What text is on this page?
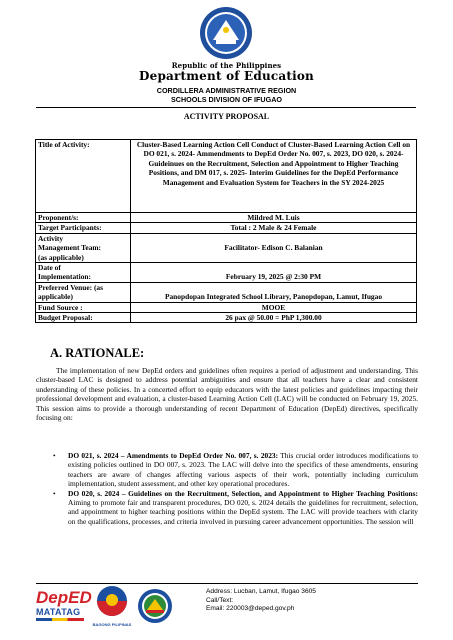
Republic of the Philippines
Department of Education
CORDILLERA ADMINISTRATIVE REGION
SCHOOLS DIVISION OF IFUGAO
ACTIVITY PROPOSAL
Title of Activity:	Cluster-Based Learning Action Cell Conduct of Cluster-Based Learning Action Cell on DO 021, s. 2024- Ammendments to DepEd Order No. 007, s. 2023, DO 020, s. 2024- Guideinues on the Recruitment, Selection and Appointment to Higher Teaching Positions, and DM 017, s. 2025- Interim Guidelines for the DepEd Performance Management and Evaluation System for Teachers in the SY 2024-2025
Proponent/s:	Mildred M. Luis
Target Participants:	Total : 2 Male & 24 Female

Activity
Management Team:
(as applicable)	Facilitator- Edison C. Balanian

Date of
Implementation:	February 19, 2025 @ 2:30 PM

Preferred Venue: (as
applicable)	Panopdopan Integrated School Library, Panopdopan, Lamut, Ifugao
Fund Source :	MOOE
Budget Proposal:	26 pax @ 50.00 = PhP 1,300.00
A. RATIONALE:
The implementation of new DepEd orders and guidelines often requires a period of adjustment and understanding. This cluster-based LAC is designed to address potential ambiguities and ensure that all teachers have a clear and consistent understanding of these policies. In a concerted effort to equip educators with the latest policies and guidelines impacting their professional development and evaluation, a cluster-based Learning Action Cell (LAC) will be conducted on February 19, 2025. This session aims to provide a thorough understanding of recent Department of Education (DepEd) directives, specifically focusing on:
• DO 021, s. 2024 – Amendments to DepEd Order No. 007, s. 2023: This crucial order introduces modifications to existing policies outlined in DO 007, s. 2023. The LAC will delve into the specifics of these amendments, ensuring teachers are aware of changes affecting various aspects of their work, potentially including curriculum implementation, student assessment, and other key operational procedures.
• DO 020, s. 2024 – Guidelines on the Recruitment, Selection, and Appointment to Higher Teaching Positions: Aiming to promote fair and transparent procedures, DO 020, s. 2024 details the guidelines for recruitment, selection, and appointment to higher teaching positions within the DepEd system. The LAC will provide teachers with clarity on the qualifications, processes, and criteria involved in pursuing career advancement opportunities. The session will
DepED
MATATAG
BAGONG PILIPINAS
Address: Lucban, Lamut, Ifugao 3605
Call/Text:
Email: 220003@deped.gov.ph
